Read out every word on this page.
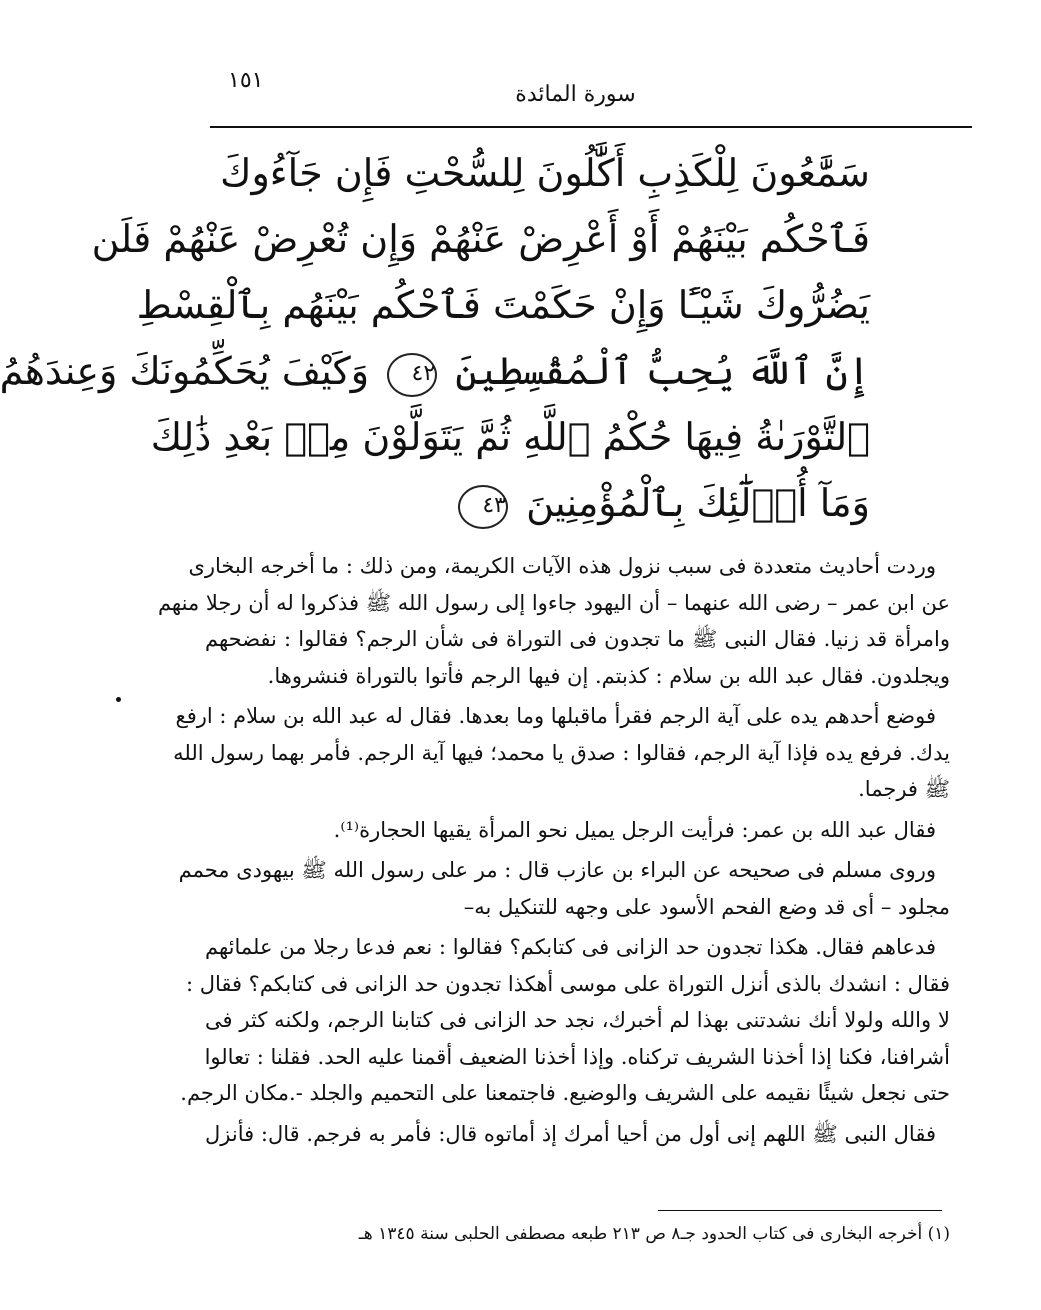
١٥١
سورة المائدة
سَمَّٰعُونَ لِلْكَذِبِ أَكَّٰلُونَ لِلسُّحْتِ فَإِن جَآءُوكَ
فَٱحْكُم بَيْنَهُمْ أَوْ أَعْرِضْ عَنْهُمْ وَإِن تُعْرِضْ عَنْهُمْ فَلَن
يَضُرُّوكَ شَيْـًٔا وَإِنْ حَكَمْتَ فَٱحْكُم بَيْنَهُم بِٱلْقِسْطِ
إِنَّ ٱللَّهَ يُحِبُّ ٱلْمُقْسِطِينَ ٤٢ وَكَيْفَ يُحَكِّمُونَكَ وَعِندَهُمُ
ٱلتَّوْرَىٰةُ فِيهَا حُكْمُ ٱللَّهِ ثُمَّ يَتَوَلَّوْنَ مِنۢ بَعْدِ ذَٰلِكَ
وَمَآ أُو۟لَٰٓئِكَ بِٱلْمُؤْمِنِينَ ٤٣
وردت أحاديث متعددة فى سبب نزول هذه الآيات الكريمة، ومن ذلك : ما أخرجه البخارى
عن ابن عمر – رضى الله عنهما – أن اليهود جاءوا إلى رسول الله ﷺ فذكروا له أن رجلا منهم
وامرأة قد زنيا. فقال النبى ﷺ ما تجدون فى التوراة فى شأن الرجم؟ فقالوا : نفضحهم
ويجلدون. فقال عبد الله بن سلام : كذبتم. إن فيها الرجم فأتوا بالتوراة فنشروها.
فوضع أحدهم يده على آية الرجم فقرأ ماقبلها وما بعدها. فقال له عبد الله بن سلام : ارفع
يدك. فرفع يده فإذا آية الرجم، فقالوا : صدق يا محمد؛ فيها آية الرجم. فأمر بهما رسول الله
ﷺ فرجما.
فقال عبد الله بن عمر: فرأيت الرجل يميل نحو المرأة يقيها الحجارة⁽¹⁾.
وروى مسلم فى صحيحه عن البراء بن عازب قال : مر على رسول الله ﷺ بيهودى محمم
مجلود – أى قد وضع الفحم الأسود على وجهه للتنكيل به–
فدعاهم فقال. هكذا تجدون حد الزانى فى كتابكم؟ فقالوا : نعم فدعا رجلا من علمائهم
فقال : انشدك بالذى أنزل التوراة على موسى أهكذا تجدون حد الزانى فى كتابكم؟ فقال :
لا والله ولولا أنك نشدتنى بهذا لم أخبرك، نجد حد الزانى فى كتابنا الرجم، ولكنه كثر فى
أشرافنا، فكنا إذا أخذنا الشريف تركناه. وإذا أخذنا الضعيف أقمنا عليه الحد. فقلنا : تعالوا
حتى نجعل شيئًا نقيمه على الشريف والوضيع. فاجتمعنا على التحميم والجلد -.مكان الرجم.
فقال النبى ﷺ اللهم إنى أول من أحيا أمرك إذ أماتوه قال: فأمر به فرجم. قال: فأنزل
(١) أخرجه البخارى فى كتاب الحدود جـ٨ ص ٢١٣ طبعه مصطفى الحلبى سنة ١٣٤٥ هـ
